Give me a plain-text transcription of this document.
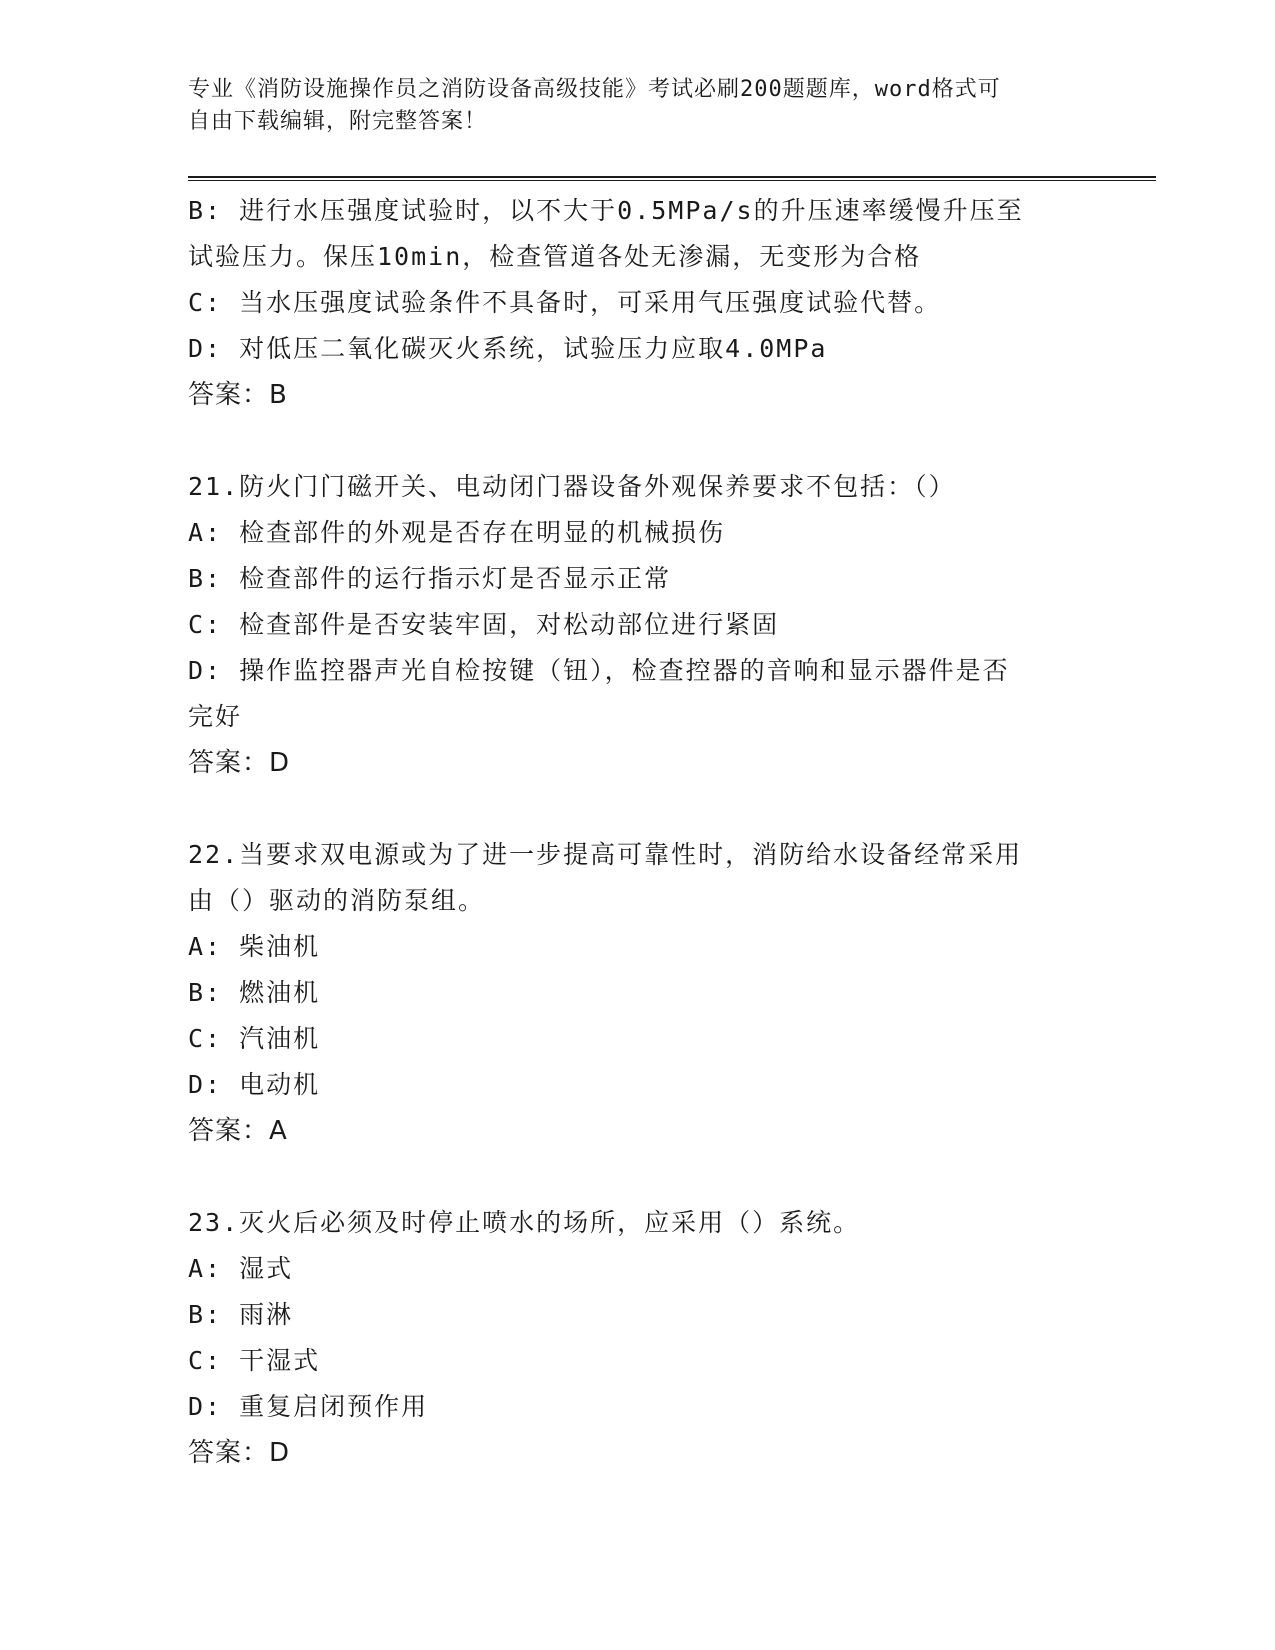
专业《消防设施操作员之消防设备高级技能》考试必刷200题题库，word格式可
自由下载编辑，附完整答案！
B: 进行水压强度试验时，以不大于0.5MPa/s的升压速率缓慢升压至
试验压力。保压10min，检查管道各处无渗漏，无变形为合格
C: 当水压强度试验条件不具备时，可采用气压强度试验代替。
D: 对低压二氧化碳灭火系统，试验压力应取4.0MPa
答案：B
21.防火门门磁开关、电动闭门器设备外观保养要求不包括：（）
A: 检查部件的外观是否存在明显的机械损伤
B: 检查部件的运行指示灯是否显示正常
C: 检查部件是否安装牢固，对松动部位进行紧固
D: 操作监控器声光自检按键（钮），检查控器的音响和显示器件是否
完好
答案：D
22.当要求双电源或为了进一步提高可靠性时，消防给水设备经常采用
由（）驱动的消防泵组。
A: 柴油机
B: 燃油机
C: 汽油机
D: 电动机
答案：A
23.灭火后必须及时停止喷水的场所，应采用（）系统。
A: 湿式
B: 雨淋
C: 干湿式
D: 重复启闭预作用
答案：D
